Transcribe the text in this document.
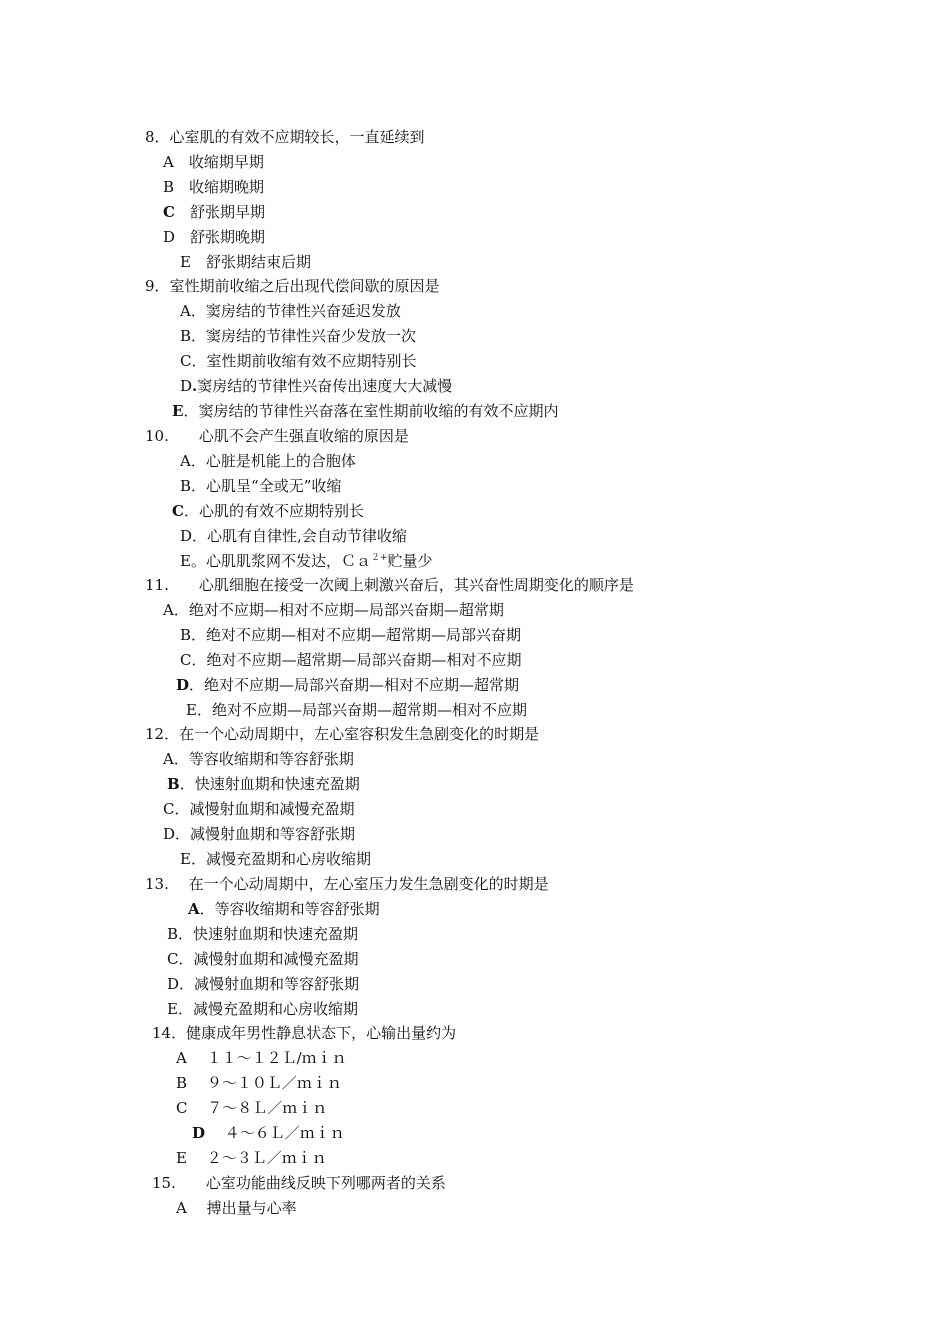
8．心室肌的有效不应期较长，一直延续到
A　 收缩期早期
B　 收缩期晚期
C　 舒张期早期
D　 舒张期晚期
E　 舒张期结束后期
9．室性期前收缩之后出现代偿间歇的原因是
A．窦房结的节律性兴奋延迟发放
B．窦房结的节律性兴奋少发放一次
C．室性期前收缩有效不应期特别长
D.窦房结的节律性兴奋传出速度大大减慢
E．窦房结的节律性兴奋落在室性期前收缩的有效不应期内
10.　　心肌不会产生强直收缩的原因是
A．心脏是机能上的合胞体
B．心肌呈“全或无”收缩
C．心肌的有效不应期特别长
D．心肌有自律性,会自动节律收缩
E。心肌肌浆网不发达，Ｃａ$^{2+}$贮量少
11.　　心肌细胞在接受一次阈上刺激兴奋后，其兴奋性周期变化的顺序是
A．绝对不应期—相对不应期—局部兴奋期—超常期
B．绝对不应期—相对不应期—超常期—局部兴奋期
C．绝对不应期—超常期—局部兴奋期—相对不应期
D．绝对不应期—局部兴奋期—相对不应期—超常期
E．绝对不应期—局部兴奋期—超常期—相对不应期
12．在一个心动周期中，左心室容积发生急剧变化的时期是
A．等容收缩期和等容舒张期
B．快速射血期和快速充盈期
C．减慢射血期和减慢充盈期
D．减慢射血期和等容舒张期
E．减慢充盈期和心房收缩期
13.　 在一个心动周期中，左心室压力发生急剧变化的时期是
A．等容收缩期和等容舒张期
B．快速射血期和快速充盈期
C．减慢射血期和减慢充盈期
D．减慢射血期和等容舒张期
E．减慢充盈期和心房收缩期
14．健康成年男性静息状态下，心输出量约为
A　 １１～１２Ｌ/ｍｉｎ
B　 ９～１０Ｌ／ｍｉｎ
C　 ７～８Ｌ／ｍｉｎ
D　 ４～６Ｌ／ｍｉｎ
E　 ２～３Ｌ／ｍｉｎ
15.　　心室功能曲线反映下列哪两者的关系
A　 搏出量与心率
